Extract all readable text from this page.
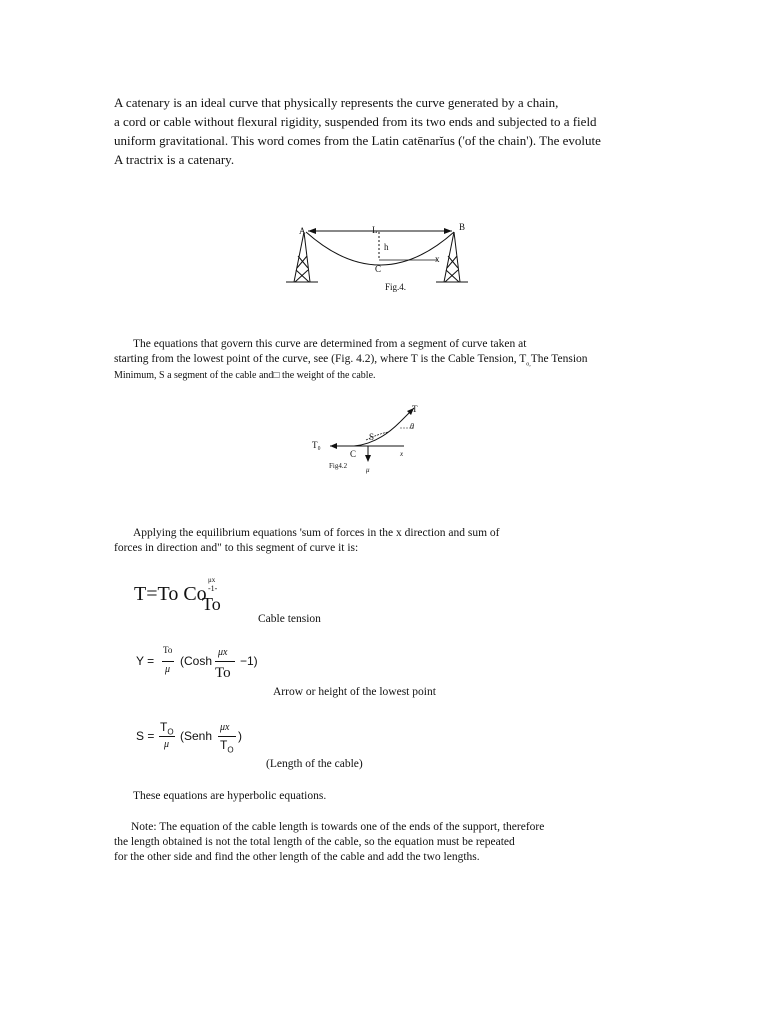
A catenary is an ideal curve that physically represents the curve generated by a chain,
a cord or cable without flexural rigidity, suspended from its two ends and subjected to a field
uniform gravitational. This word comes from the Latin catēnarĭus ('of the chain'). The evolute
A tractrix is a catenary.
A	B
L
h
C
x
Fig.4.
The equations that govern this curve are determined from a segment of curve taken at
starting from the lowest point of the curve, see (Fig. 4.2), where T is the Cable Tension, $T_{o,}The$ Tension
Minimum, S a segment of the cable and□ the weight of the cable.
T
θ
S
T₀
C	x
μ
Fig4.2
Applying the equilibrium equations 'sum of forces in the x direction and sum of
forces in direction and" to this segment of curve it is:
T=To Co
μx
-1-
To
Cable tension
Y =
To
μ
(Cosh
μx
To
−1)
Arrow or height of the lowest point
S =
$T_O$
μ
(Senh
μx
$T_O$
)
(Length of the cable)
These equations are hyperbolic equations.
Note: The equation of the cable length is towards one of the ends of the support, therefore
the length obtained is not the total length of the cable, so the equation must be repeated
for the other side and find the other length of the cable and add the two lengths.
